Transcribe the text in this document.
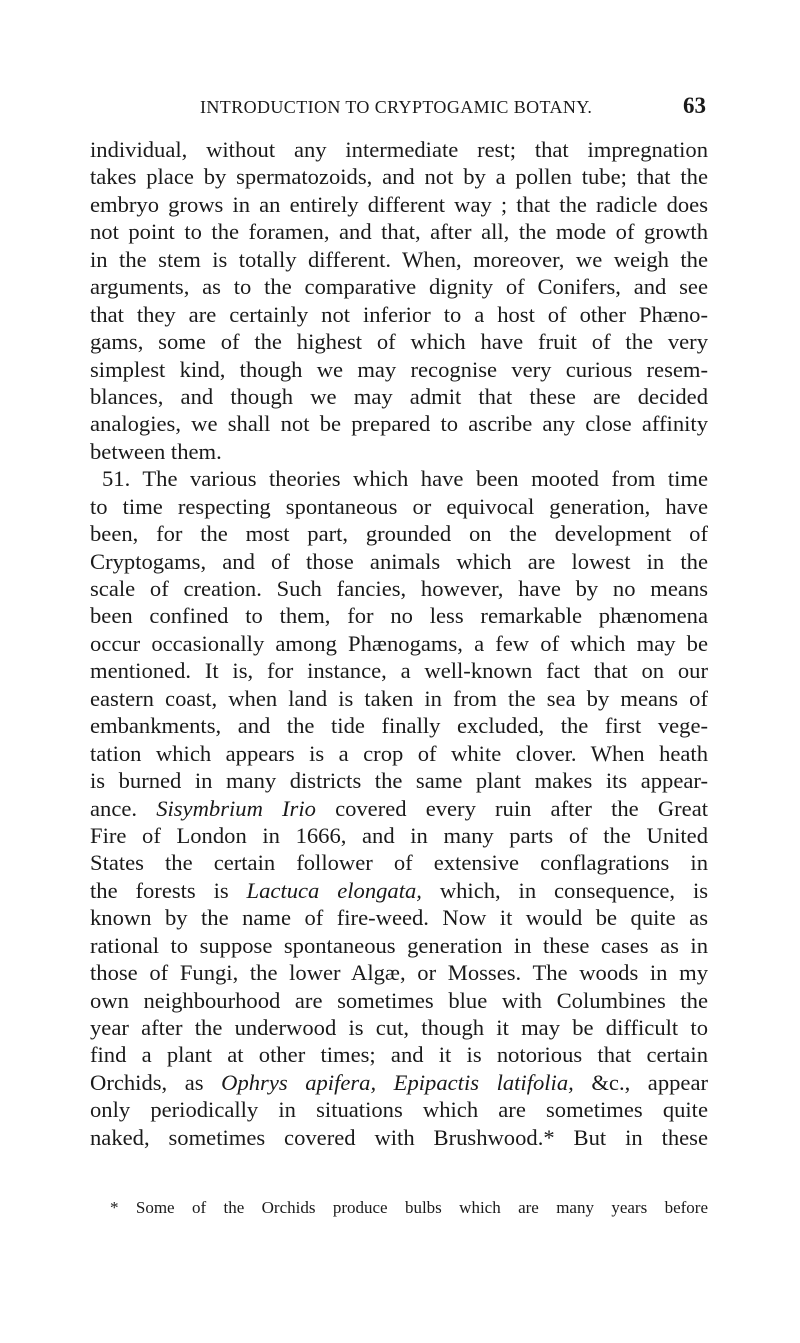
INTRODUCTION TO CRYPTOGAMIC BOTANY.	63
individual, without any intermediate rest; that impregnation
takes place by spermatozoids, and not by a pollen tube; that the
embryo grows in an entirely different way ; that the radicle does
not point to the foramen, and that, after all, the mode of growth
in the stem is totally different. When, moreover, we weigh the
arguments, as to the comparative dignity of Conifers, and see
that they are certainly not inferior to a host of other Phæno-
gams, some of the highest of which have fruit of the very
simplest kind, though we may recognise very curious resem-
blances, and though we may admit that these are decided
analogies, we shall not be prepared to ascribe any close affinity
between them.
51. The various theories which have been mooted from time
to time respecting spontaneous or equivocal generation, have
been, for the most part, grounded on the development of
Cryptogams, and of those animals which are lowest in the
scale of creation. Such fancies, however, have by no means
been confined to them, for no less remarkable phænomena
occur occasionally among Phænogams, a few of which may be
mentioned. It is, for instance, a well-known fact that on our
eastern coast, when land is taken in from the sea by means of
embankments, and the tide finally excluded, the first vege-
tation which appears is a crop of white clover. When heath
is burned in many districts the same plant makes its appear-
ance. Sisymbrium Irio covered every ruin after the Great
Fire of London in 1666, and in many parts of the United
States the certain follower of extensive conflagrations in
the forests is Lactuca elongata, which, in consequence, is
known by the name of fire-weed. Now it would be quite as
rational to suppose spontaneous generation in these cases as in
those of Fungi, the lower Algæ, or Mosses. The woods in my
own neighbourhood are sometimes blue with Columbines the
year after the underwood is cut, though it may be difficult to
find a plant at other times; and it is notorious that certain
Orchids, as Ophrys apifera, Epipactis latifolia, &c., appear
only periodically in situations which are sometimes quite
naked, sometimes covered with Brushwood.* But in these
* Some of the Orchids produce bulbs which are many years before
